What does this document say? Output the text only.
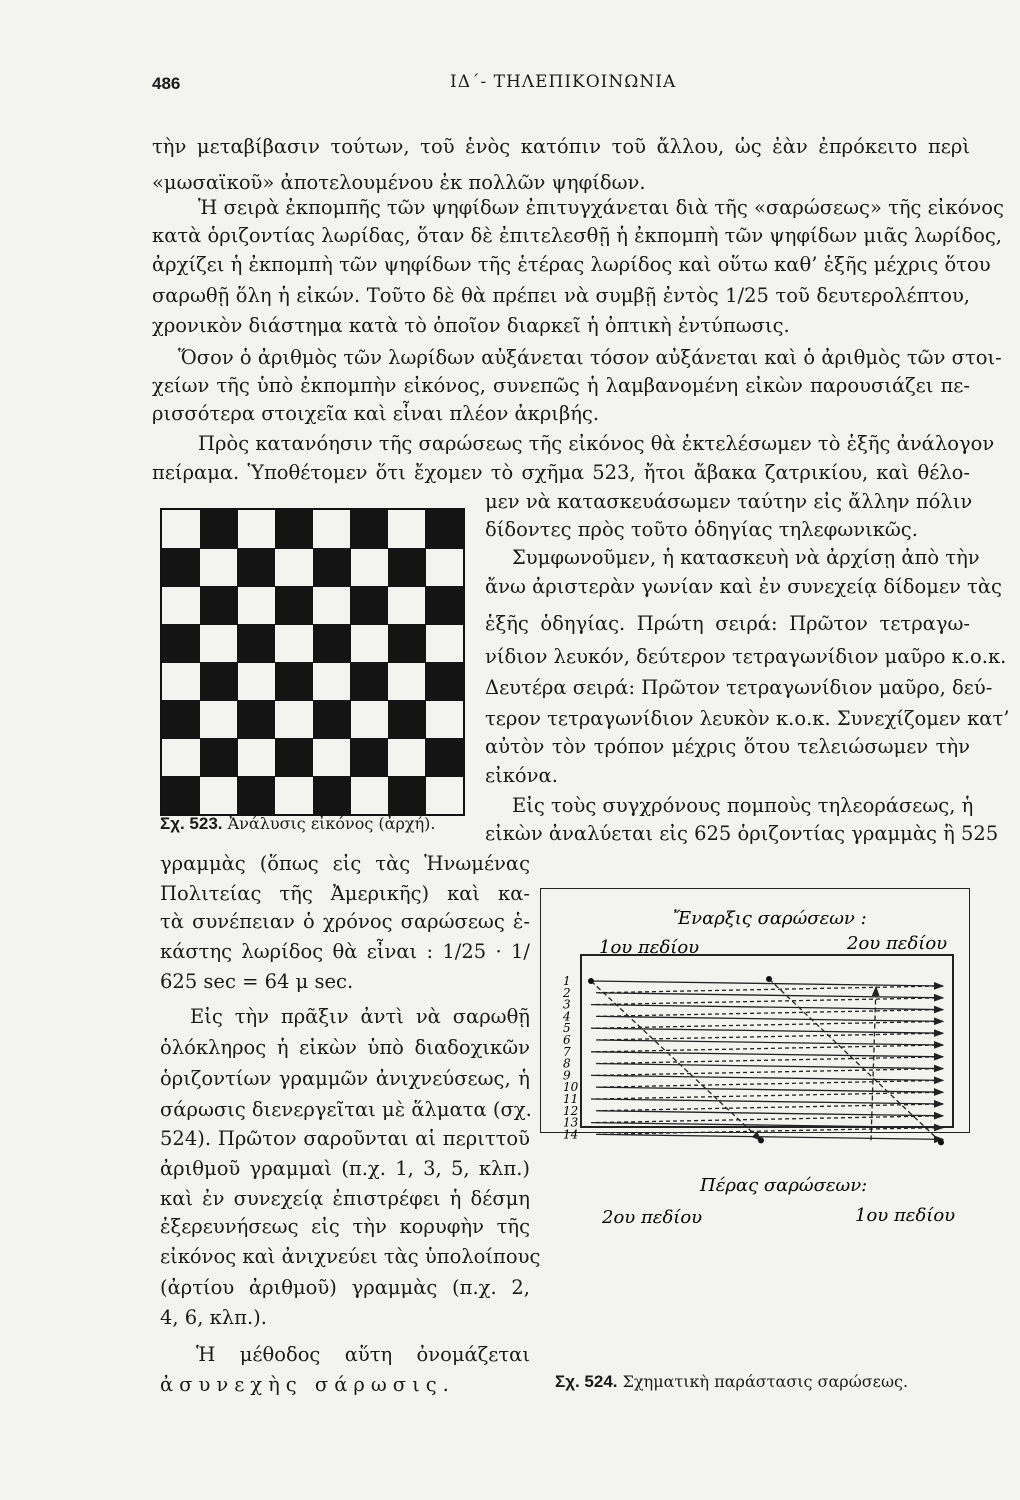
486	ΙΔ΄- ΤΗΛΕΠΙΚΟΙΝΩΝΙΑ
τὴν μεταβίβασιν τούτων, τοῦ ἑνὸς κατόπιν τοῦ ἄλλου, ὡς ἐὰν ἐπρόκειτο περὶ
«μωσαϊκοῦ» ἀποτελουμένου ἐκ πολλῶν ψηφίδων.
Ἡ σειρὰ ἐκπομπῆς τῶν ψηφίδων ἐπιτυγχάνεται διὰ τῆς «σαρώσεως» τῆς εἰκόνος
κατὰ ὁριζοντίας λωρίδας, ὅταν δὲ ἐπιτελεσθῇ ἡ ἐκπομπὴ τῶν ψηφίδων μιᾶς λωρίδος,
ἀρχίζει ἡ ἐκπομπὴ τῶν ψηφίδων τῆς ἑτέρας λωρίδος καὶ οὕτω καθ’ ἑξῆς μέχρις ὅτου
σαρωθῇ ὅλη ἡ εἰκών. Τοῦτο δὲ θὰ πρέπει νὰ συμβῇ ἐντὸς 1/25 τοῦ δευτερολέπτου,
χρονικὸν διάστημα κατὰ τὸ ὁποῖον διαρκεῖ ἡ ὀπτικὴ ἐντύπωσις.
Ὅσον ὁ ἀριθμὸς τῶν λωρίδων αὐξάνεται τόσον αὐξάνεται καὶ ὁ ἀριθμὸς τῶν στοι-
χείων τῆς ὑπὸ ἐκπομπὴν εἰκόνος, συνεπῶς ἡ λαμβανομένη εἰκὼν παρουσιάζει πε-
ρισσότερα στοιχεῖα καὶ εἶναι πλέον ἀκριβής.
Πρὸς κατανόησιν τῆς σαρώσεως τῆς εἰκόνος θὰ ἐκτελέσωμεν τὸ ἑξῆς ἀνάλογον
πείραμα. Ὑποθέτομεν ὅτι ἔχομεν τὸ σχῆμα 523, ἤτοι ἄβακα ζατρικίου, καὶ θέλο-
Σχ. 523. Ἀνάλυσις εἰκόνος (ἀρχή).
μεν νὰ κατασκευάσωμεν ταύτην εἰς ἄλλην πόλιν
δίδοντες πρὸς τοῦτο ὁδηγίας τηλεφωνικῶς.
Συμφωνοῦμεν, ἡ κατασκευὴ νὰ ἀρχίσῃ ἀπὸ τὴν
ἄνω ἀριστερὰν γωνίαν καὶ ἐν συνεχείᾳ δίδομεν τὰς
ἑξῆς ὁδηγίας. Πρώτη σειρά: Πρῶτον τετραγω-
νίδιον λευκόν, δεύτερον τετραγωνίδιον μαῦρο κ.ο.κ.
Δευτέρα σειρά: Πρῶτον τετραγωνίδιον μαῦρο, δεύ-
τερον τετραγωνίδιον λευκὸν κ.ο.κ. Συνεχίζομεν κατ’
αὐτὸν τὸν τρόπον μέχρις ὅτου τελειώσωμεν τὴν
εἰκόνα.
Εἰς τοὺς συγχρόνους πομποὺς τηλεοράσεως, ἡ
εἰκὼν ἀναλύεται εἰς 625 ὁριζοντίας γραμμὰς ἢ 525
γραμμὰς (ὅπως εἰς τὰς Ἡνωμένας
Πολιτείας τῆς Ἀμερικῆς) καὶ κα-
τὰ συνέπειαν ὁ χρόνος σαρώσεως ἑ-
κάστης λωρίδος θὰ εἶναι : 1/25 · 1/
625 sec = 64 μ sec.
Εἰς τὴν πρᾶξιν ἀντὶ νὰ σαρωθῇ
ὁλόκληρος ἡ εἰκὼν ὑπὸ διαδοχικῶν
ὁριζοντίων γραμμῶν ἀνιχνεύσεως, ἡ
σάρωσις διενεργεῖται μὲ ἅλματα (σχ.
524). Πρῶτον σαροῦνται αἱ περιττοῦ
ἀριθμοῦ γραμμαὶ (π.χ. 1, 3, 5, κλπ.)
καὶ ἐν συνεχείᾳ ἐπιστρέφει ἡ δέσμη
ἐξερευνήσεως εἰς τὴν κορυφὴν τῆς
εἰκόνος καὶ ἀνιχνεύει τὰς ὑπολοίπους
(ἀρτίου ἀριθμοῦ) γραμμὰς (π.χ. 2,
4, 6, κλπ.).
Ἡ μέθοδος αὕτη ὀνομάζεται
ἀσυνεχὴς σάρωσις.
Ἔναρξις σαρώσεων :
1ου πεδίου	2ου πεδίου
1
2
3
4
5
6
7
8
9
10
11
12
13
14
Πέρας σαρώσεων:
2ου πεδίου	1ου πεδίου
Σχ. 524. Σχηματικὴ παράστασις σαρώσεως.
